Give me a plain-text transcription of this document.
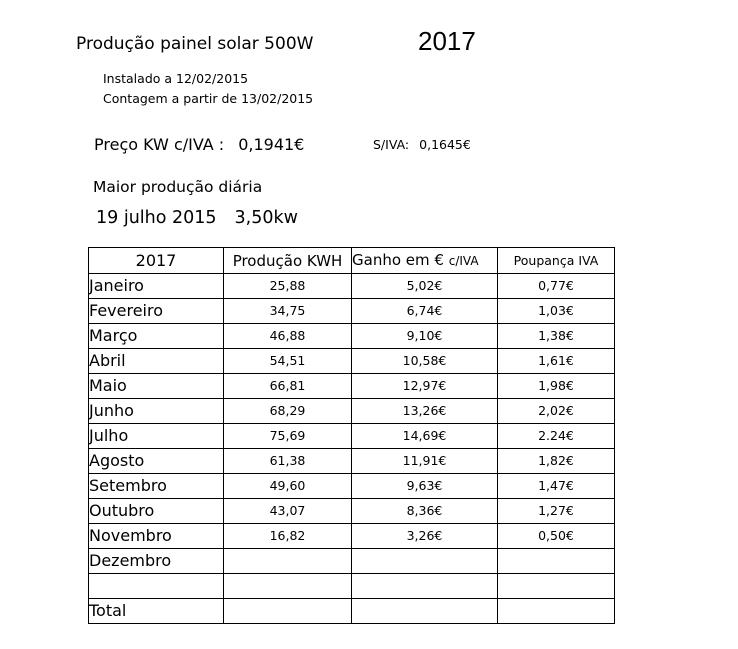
Produção painel solar 500W	2017
Instalado a 12/02/2015
Contagem a partir de 13/02/2015
Preço KW c/IVA : 0,1941€	S/IVA: 0,1645€
Maior produção diária
19 julho 2015 3,50kw
2017	Produção KWH	Ganho em € c/IVA	Poupança IVA
Janeiro	25,88	5,02€	0,77€
Fevereiro	34,75	6,74€	1,03€
Março	46,88	9,10€	1,38€
Abril	54,51	10,58€	1,61€
Maio	66,81	12,97€	1,98€
Junho	68,29	13,26€	2,02€
Julho	75,69	14,69€	2.24€
Agosto	61,38	11,91€	1,82€
Setembro	49,60	9,63€	1,47€
Outubro	43,07	8,36€	1,27€
Novembro	16,82	3,26€	0,50€
Dezembro			

Total			
